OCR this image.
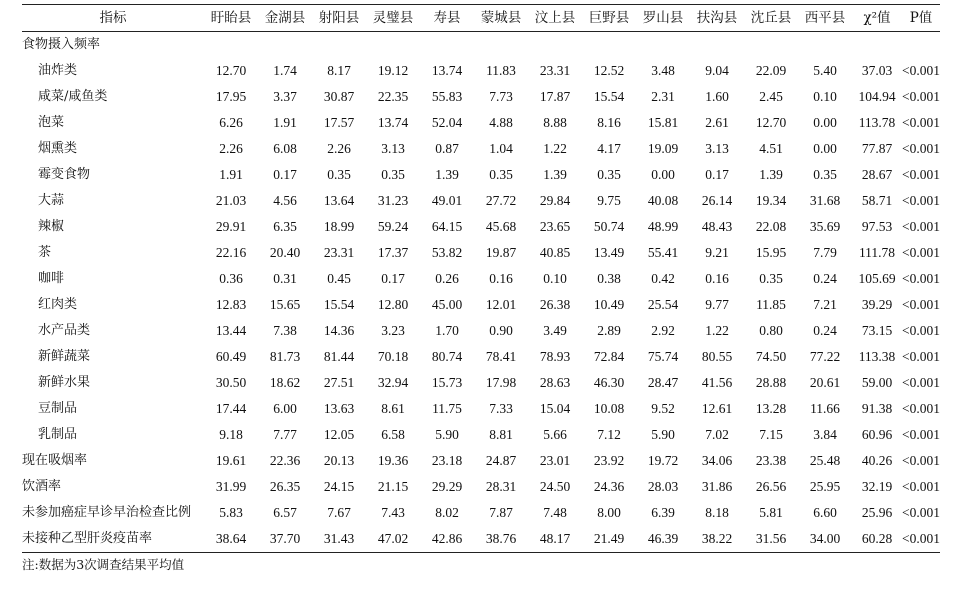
指标	盱眙县	金湖县	射阳县	灵璧县	寿县	蒙城县	汶上县	巨野县	罗山县	扶沟县	沈丘县	西平县	χ²值	P值
食物摄入频率														
油炸类	12.70	1.74	8.17	19.12	13.74	11.83	23.31	12.52	3.48	9.04	22.09	5.40	37.03	<0.001
咸菜/咸鱼类	17.95	3.37	30.87	22.35	55.83	7.73	17.87	15.54	2.31	1.60	2.45	0.10	104.94	<0.001
泡菜	6.26	1.91	17.57	13.74	52.04	4.88	8.88	8.16	15.81	2.61	12.70	0.00	113.78	<0.001
烟熏类	2.26	6.08	2.26	3.13	0.87	1.04	1.22	4.17	19.09	3.13	4.51	0.00	77.87	<0.001
霉变食物	1.91	0.17	0.35	0.35	1.39	0.35	1.39	0.35	0.00	0.17	1.39	0.35	28.67	<0.001
大蒜	21.03	4.56	13.64	31.23	49.01	27.72	29.84	9.75	40.08	26.14	19.34	31.68	58.71	<0.001
辣椒	29.91	6.35	18.99	59.24	64.15	45.68	23.65	50.74	48.99	48.43	22.08	35.69	97.53	<0.001
茶	22.16	20.40	23.31	17.37	53.82	19.87	40.85	13.49	55.41	9.21	15.95	7.79	111.78	<0.001
咖啡	0.36	0.31	0.45	0.17	0.26	0.16	0.10	0.38	0.42	0.16	0.35	0.24	105.69	<0.001
红肉类	12.83	15.65	15.54	12.80	45.00	12.01	26.38	10.49	25.54	9.77	11.85	7.21	39.29	<0.001
水产品类	13.44	7.38	14.36	3.23	1.70	0.90	3.49	2.89	2.92	1.22	0.80	0.24	73.15	<0.001
新鲜蔬菜	60.49	81.73	81.44	70.18	80.74	78.41	78.93	72.84	75.74	80.55	74.50	77.22	113.38	<0.001
新鲜水果	30.50	18.62	27.51	32.94	15.73	17.98	28.63	46.30	28.47	41.56	28.88	20.61	59.00	<0.001
豆制品	17.44	6.00	13.63	8.61	11.75	7.33	15.04	10.08	9.52	12.61	13.28	11.66	91.38	<0.001
乳制品	9.18	7.77	12.05	6.58	5.90	8.81	5.66	7.12	5.90	7.02	7.15	3.84	60.96	<0.001
现在吸烟率	19.61	22.36	20.13	19.36	23.18	24.87	23.01	23.92	19.72	34.06	23.38	25.48	40.26	<0.001
饮酒率	31.99	26.35	24.15	21.15	29.29	28.31	24.50	24.36	28.03	31.86	26.56	25.95	32.19	<0.001
未参加癌症早诊早治检查比例	5.83	6.57	7.67	7.43	8.02	7.87	7.48	8.00	6.39	8.18	5.81	6.60	25.96	<0.001
未接种乙型肝炎疫苗率	38.64	37.70	31.43	47.02	42.86	38.76	48.17	21.49	46.39	38.22	31.56	34.00	60.28	<0.001
注:数据为3次调查结果平均值
